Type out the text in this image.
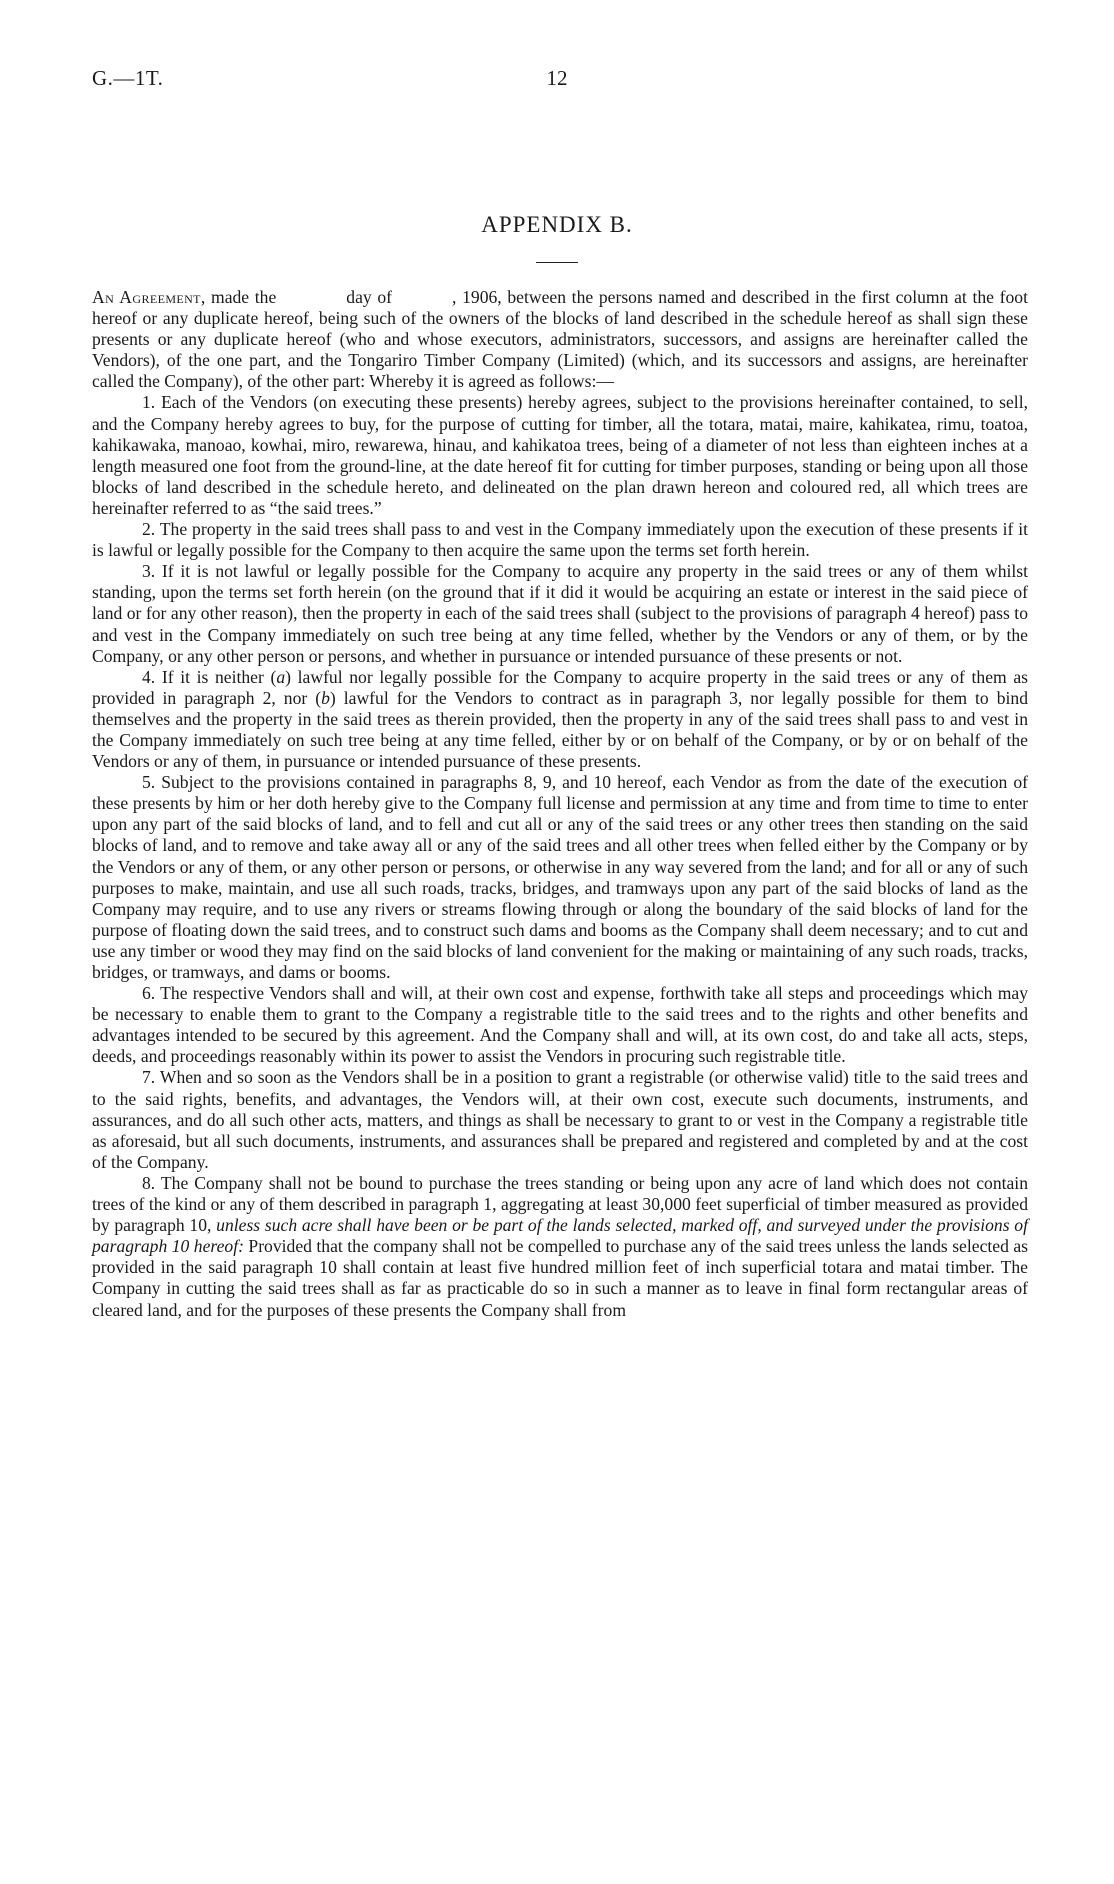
G.—1T.	12
APPENDIX B.

An Agreement, made the	day of	, 1906, between the persons named and described in the first column at the foot hereof or any duplicate hereof, being such of the owners of the blocks of land described in the schedule hereof as shall sign these presents or any duplicate hereof (who and whose executors, administrators, successors, and assigns are hereinafter called the Vendors), of the one part, and the Tongariro Timber Company (Limited) (which, and its successors and assigns, are hereinafter called the Company), of the other part: Whereby it is agreed as follows:—

1. Each of the Vendors (on executing these presents) hereby agrees, subject to the provisions hereinafter contained, to sell, and the Company hereby agrees to buy, for the purpose of cutting for timber, all the totara, matai, maire, kahikatea, rimu, toatoa, kahikawaka, manoao, kowhai, miro, rewarewa, hinau, and kahikatoa trees, being of a diameter of not less than eighteen inches at a length measured one foot from the ground-line, at the date hereof fit for cutting for timber purposes, standing or being upon all those blocks of land described in the schedule hereto, and delineated on the plan drawn hereon and coloured red, all which trees are hereinafter referred to as “the said trees.”

2. The property in the said trees shall pass to and vest in the Company immediately upon the execution of these presents if it is lawful or legally possible for the Company to then acquire the same upon the terms set forth herein.

3. If it is not lawful or legally possible for the Company to acquire any property in the said trees or any of them whilst standing, upon the terms set forth herein (on the ground that if it did it would be acquiring an estate or interest in the said piece of land or for any other reason), then the property in each of the said trees shall (subject to the provisions of paragraph 4 hereof) pass to and vest in the Company immediately on such tree being at any time felled, whether by the Vendors or any of them, or by the Company, or any other person or persons, and whether in pursuance or intended pursuance of these presents or not.

4. If it is neither (a) lawful nor legally possible for the Company to acquire property in the said trees or any of them as provided in paragraph 2, nor (b) lawful for the Vendors to contract as in paragraph 3, nor legally possible for them to bind themselves and the property in the said trees as therein provided, then the property in any of the said trees shall pass to and vest in the Company immediately on such tree being at any time felled, either by or on behalf of the Company, or by or on behalf of the Vendors or any of them, in pursuance or intended pursuance of these presents.

5. Subject to the provisions contained in paragraphs 8, 9, and 10 hereof, each Vendor as from the date of the execution of these presents by him or her doth hereby give to the Company full license and permission at any time and from time to time to enter upon any part of the said blocks of land, and to fell and cut all or any of the said trees or any other trees then standing on the said blocks of land, and to remove and take away all or any of the said trees and all other trees when felled either by the Company or by the Vendors or any of them, or any other person or persons, or otherwise in any way severed from the land; and for all or any of such purposes to make, maintain, and use all such roads, tracks, bridges, and tramways upon any part of the said blocks of land as the Company may require, and to use any rivers or streams flowing through or along the boundary of the said blocks of land for the purpose of floating down the said trees, and to construct such dams and booms as the Company shall deem necessary; and to cut and use any timber or wood they may find on the said blocks of land convenient for the making or maintaining of any such roads, tracks, bridges, or tramways, and dams or booms.

6. The respective Vendors shall and will, at their own cost and expense, forthwith take all steps and proceedings which may be necessary to enable them to grant to the Company a registrable title to the said trees and to the rights and other benefits and advantages intended to be secured by this agreement. And the Company shall and will, at its own cost, do and take all acts, steps, deeds, and proceedings reasonably within its power to assist the Vendors in procuring such registrable title.

7. When and so soon as the Vendors shall be in a position to grant a registrable (or otherwise valid) title to the said trees and to the said rights, benefits, and advantages, the Vendors will, at their own cost, execute such documents, instruments, and assurances, and do all such other acts, matters, and things as shall be necessary to grant to or vest in the Company a registrable title as aforesaid, but all such documents, instruments, and assurances shall be prepared and registered and completed by and at the cost of the Company.

8. The Company shall not be bound to purchase the trees standing or being upon any acre of land which does not contain trees of the kind or any of them described in paragraph 1, aggregating at least 30,000 feet superficial of timber measured as provided by paragraph 10, unless such acre shall have been or be part of the lands selected, marked off, and surveyed under the provisions of paragraph 10 hereof: Provided that the company shall not be compelled to purchase any of the said trees unless the lands selected as provided in the said paragraph 10 shall contain at least five hundred million feet of inch superficial totara and matai timber. The Company in cutting the said trees shall as far as practicable do so in such a manner as to leave in final form rectangular areas of cleared land, and for the purposes of these presents the Company shall from
